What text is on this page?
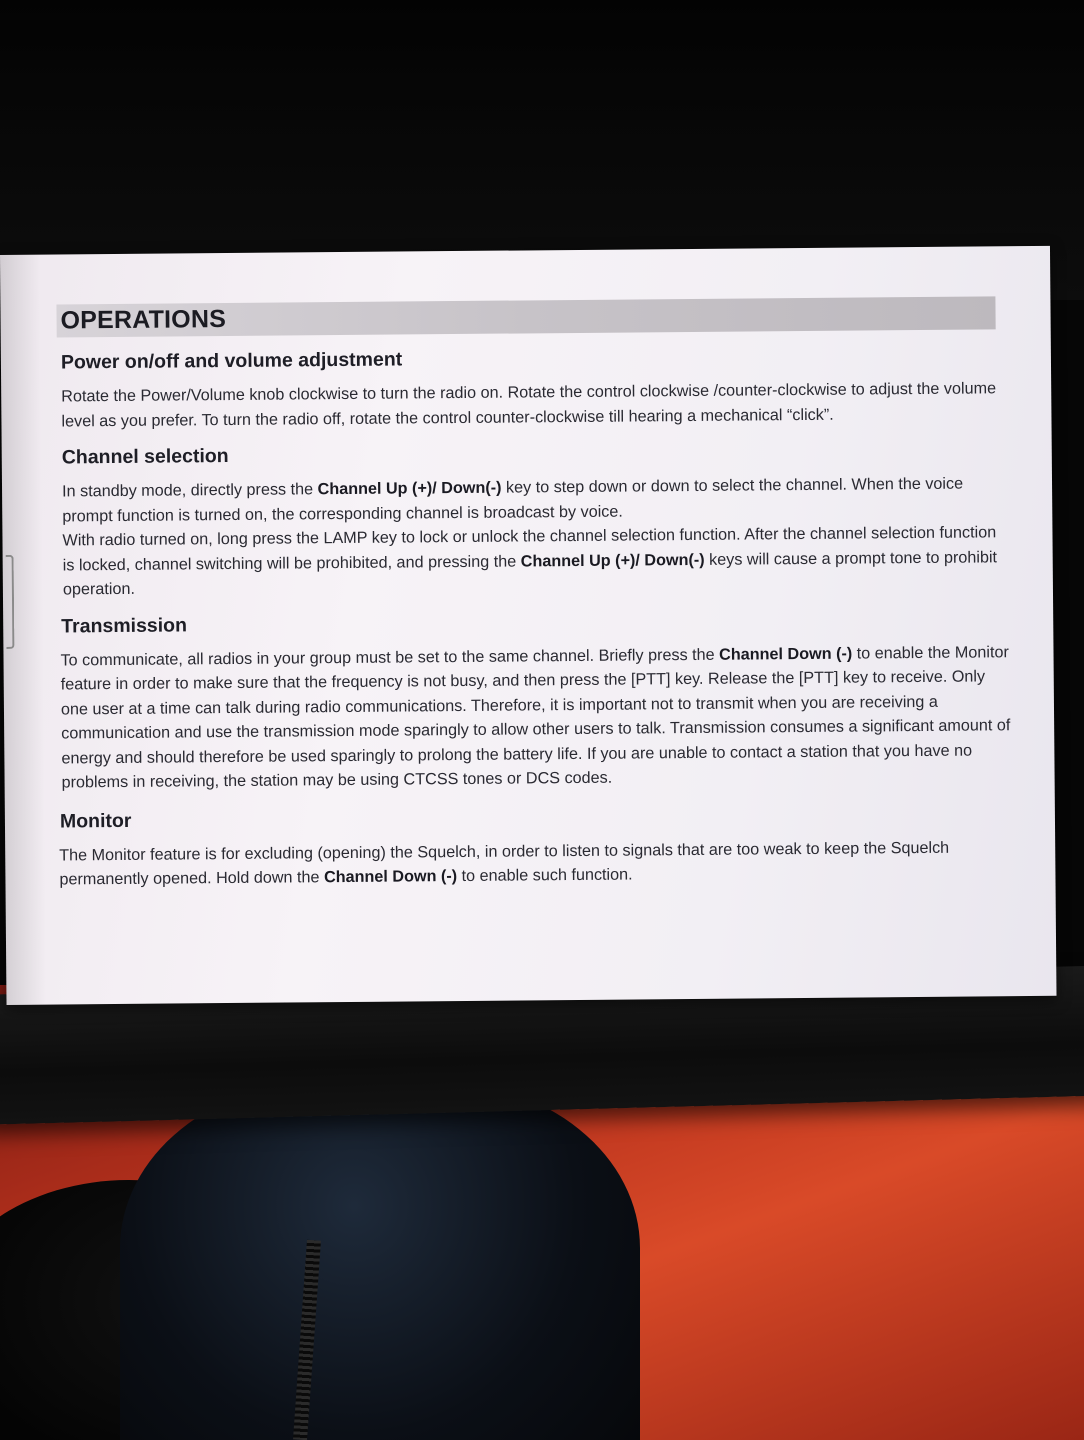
OPERATIONS
Power on/off and volume adjustment

Rotate the Power/Volume knob clockwise to turn the radio on. Rotate the control clockwise /counter-clockwise to adjust the volume level as you prefer. To turn the radio off, rotate the control counter-clockwise till hearing a mechanical “click”.

Channel selection

In standby mode, directly press the Channel Up (+)/ Down(-) key to step down or down to select the channel. When the voice prompt function is turned on, the corresponding channel is broadcast by voice.

With radio turned on, long press the LAMP key to lock or unlock the channel selection function. After the channel selection function is locked, channel switching will be prohibited, and pressing the Channel Up (+)/ Down(-) keys will cause a prompt tone to prohibit operation.

Transmission

To communicate, all radios in your group must be set to the same channel. Briefly press the Channel Down (-) to enable the Monitor feature in order to make sure that the frequency is not busy, and then press the [PTT] key. Release the [PTT] key to receive. Only one user at a time can talk during radio communications. Therefore, it is important not to transmit when you are receiving a communication and use the transmission mode sparingly to allow other users to talk. Transmission consumes a significant amount of energy and should therefore be used sparingly to prolong the battery life. If you are unable to contact a station that you have no problems in receiving, the station may be using CTCSS tones or DCS codes.

Monitor

The Monitor feature is for excluding (opening) the Squelch, in order to listen to signals that are too weak to keep the Squelch permanently opened. Hold down the Channel Down (-) to enable such function.
